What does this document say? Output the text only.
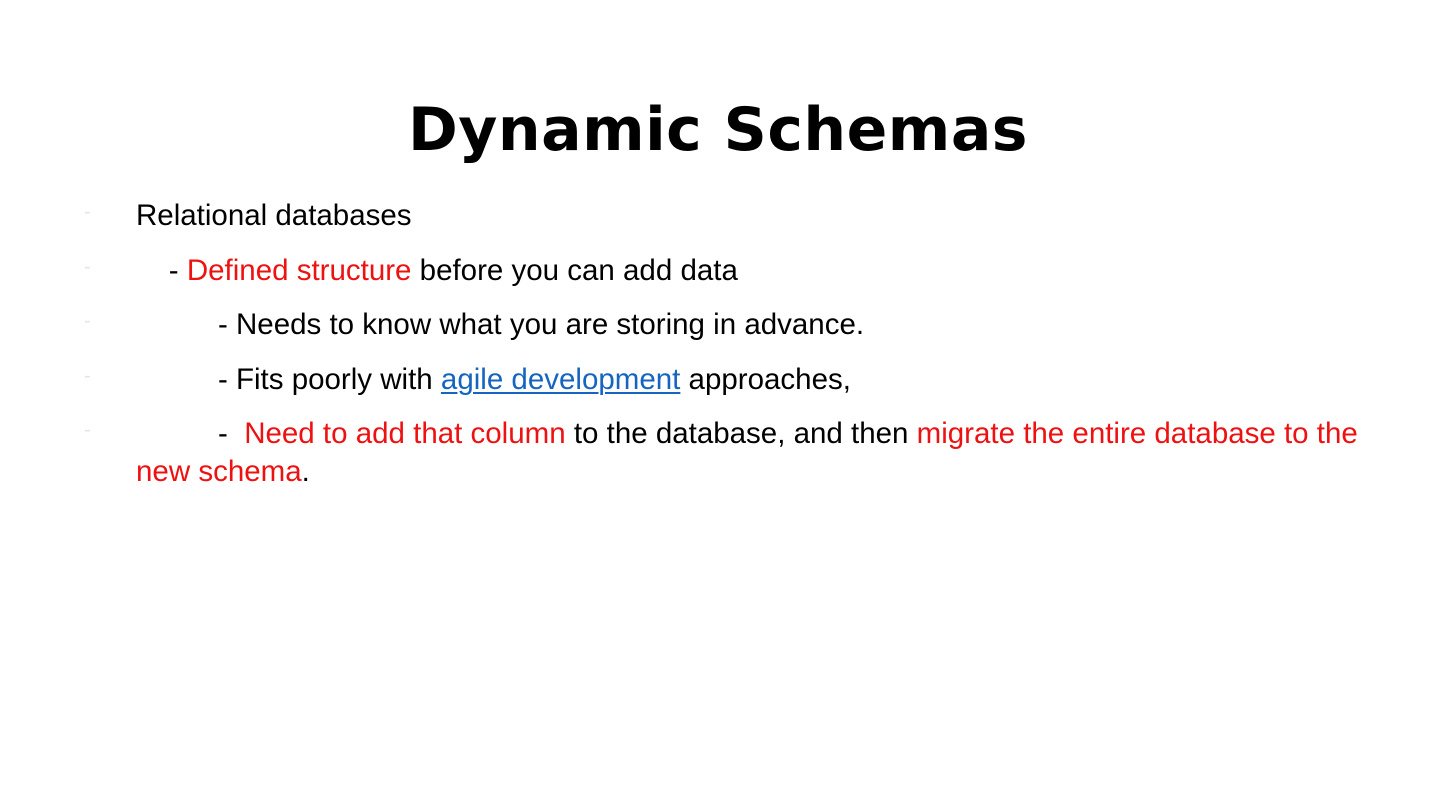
Dynamic Schemas
- Relational databases
- - Defined structure before you can add data
- - Needs to know what you are storing in advance.
- - Fits poorly with agile development approaches,
- -  Need to add that column to the database, and then migrate the entire database to the new schema.
